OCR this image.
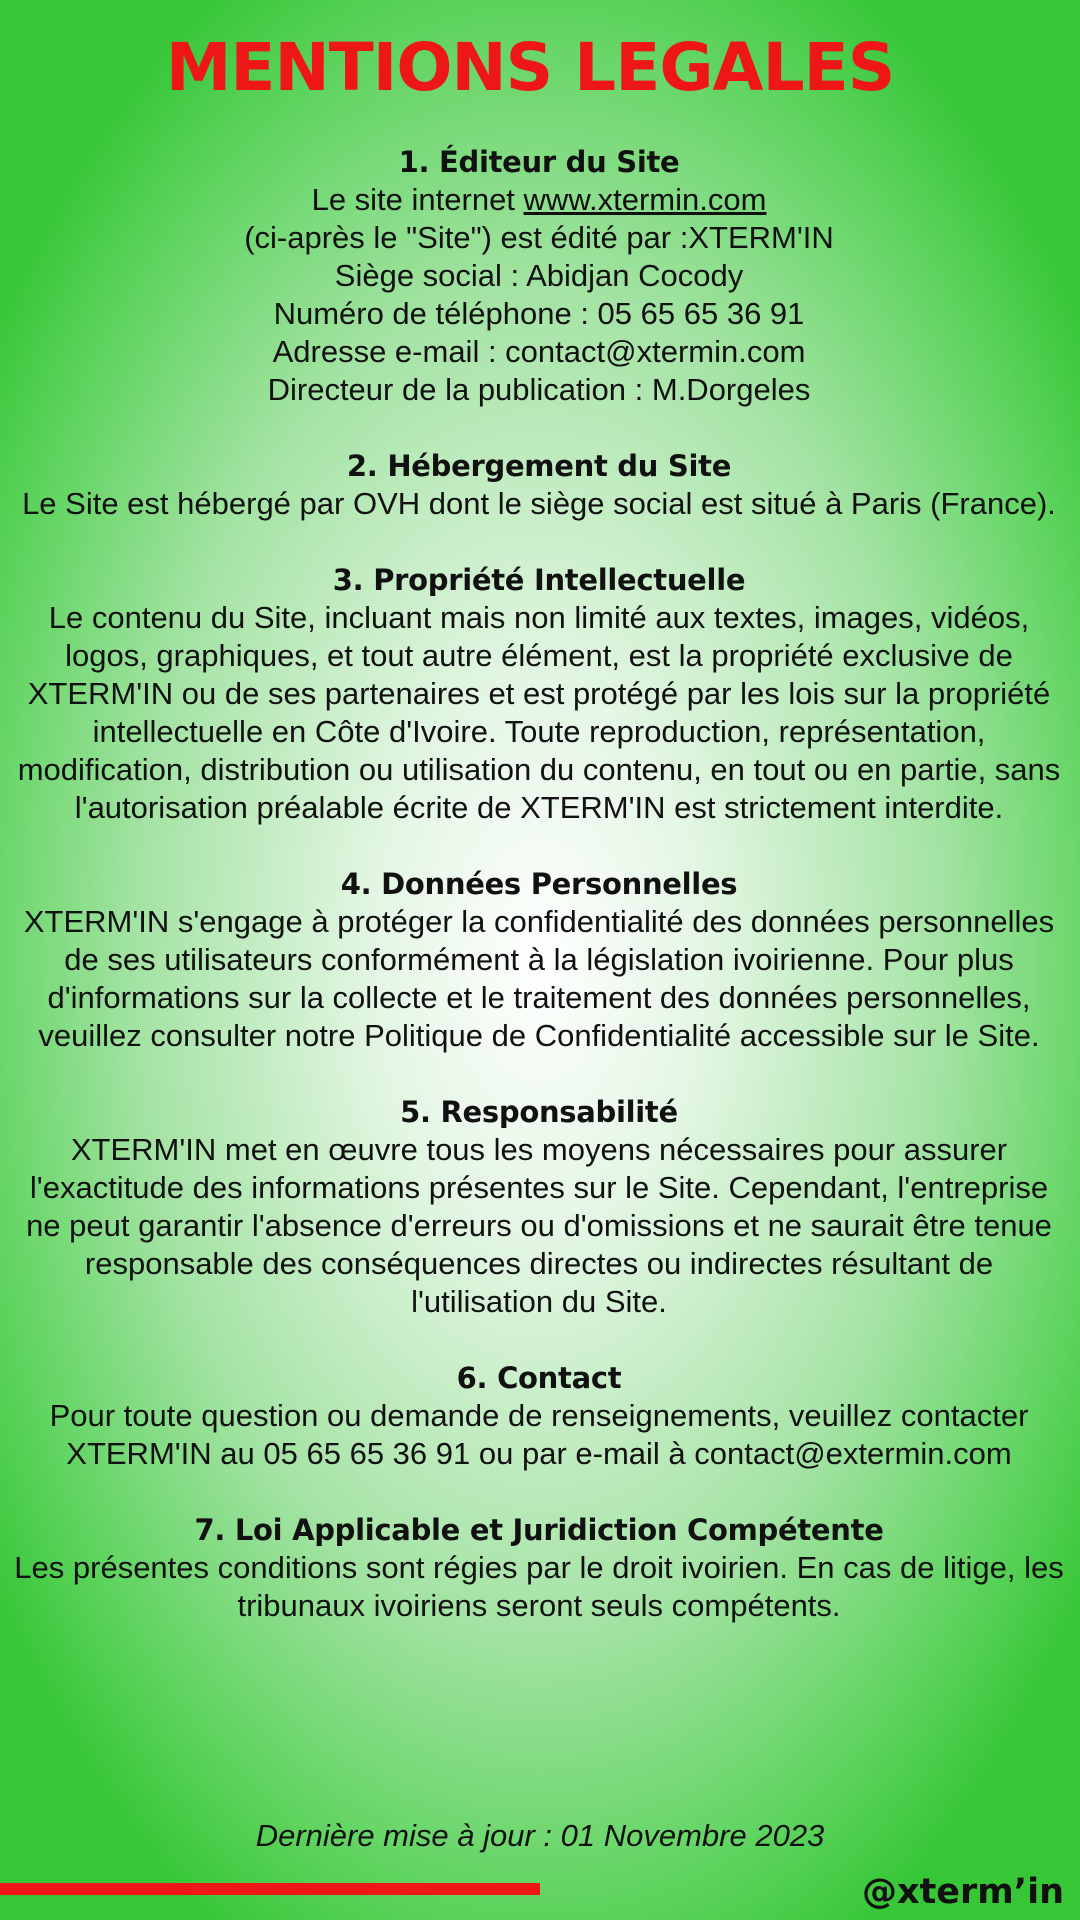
MENTIONS LEGALES
1. Éditeur du Site

Le site internet www.xtermin.com

(ci-après le "Site") est édité par :XTERM'IN

Siège social : Abidjan Cocody

Numéro de téléphone : 05 65 65 36 91

Adresse e-mail : contact@xtermin.com

Directeur de la publication : M.Dorgeles

2. Hébergement du Site

Le Site est hébergé par OVH dont le siège social est situé à Paris (France).

3. Propriété Intellectuelle

Le contenu du Site, incluant mais non limité aux textes, images, vidéos, logos, graphiques, et tout autre élément, est la propriété exclusive de XTERM'IN ou de ses partenaires et est protégé par les lois sur la propriété intellectuelle en Côte d'Ivoire. Toute reproduction, représentation, modification, distribution ou utilisation du contenu, en tout ou en partie, sans l'autorisation préalable écrite de XTERM'IN est strictement interdite.

4. Données Personnelles

XTERM'IN s'engage à protéger la confidentialité des données personnelles de ses utilisateurs conformément à la législation ivoirienne. Pour plus d'informations sur la collecte et le traitement des données personnelles, veuillez consulter notre Politique de Confidentialité accessible sur le Site.

5. Responsabilité

XTERM'IN met en œuvre tous les moyens nécessaires pour assurer l'exactitude des informations présentes sur le Site. Cependant, l'entreprise ne peut garantir l'absence d'erreurs ou d'omissions et ne saurait être tenue responsable des conséquences directes ou indirectes résultant de l'utilisation du Site.

6. Contact

Pour toute question ou demande de renseignements, veuillez contacter XTERM'IN au 05 65 65 36 91 ou par e-mail à contact@extermin.com

7. Loi Applicable et Juridiction Compétente

Les présentes conditions sont régies par le droit ivoirien. En cas de litige, les tribunaux ivoiriens seront seuls compétents.

Dernière mise à jour : 01 Novembre 2023
@xterm’in
